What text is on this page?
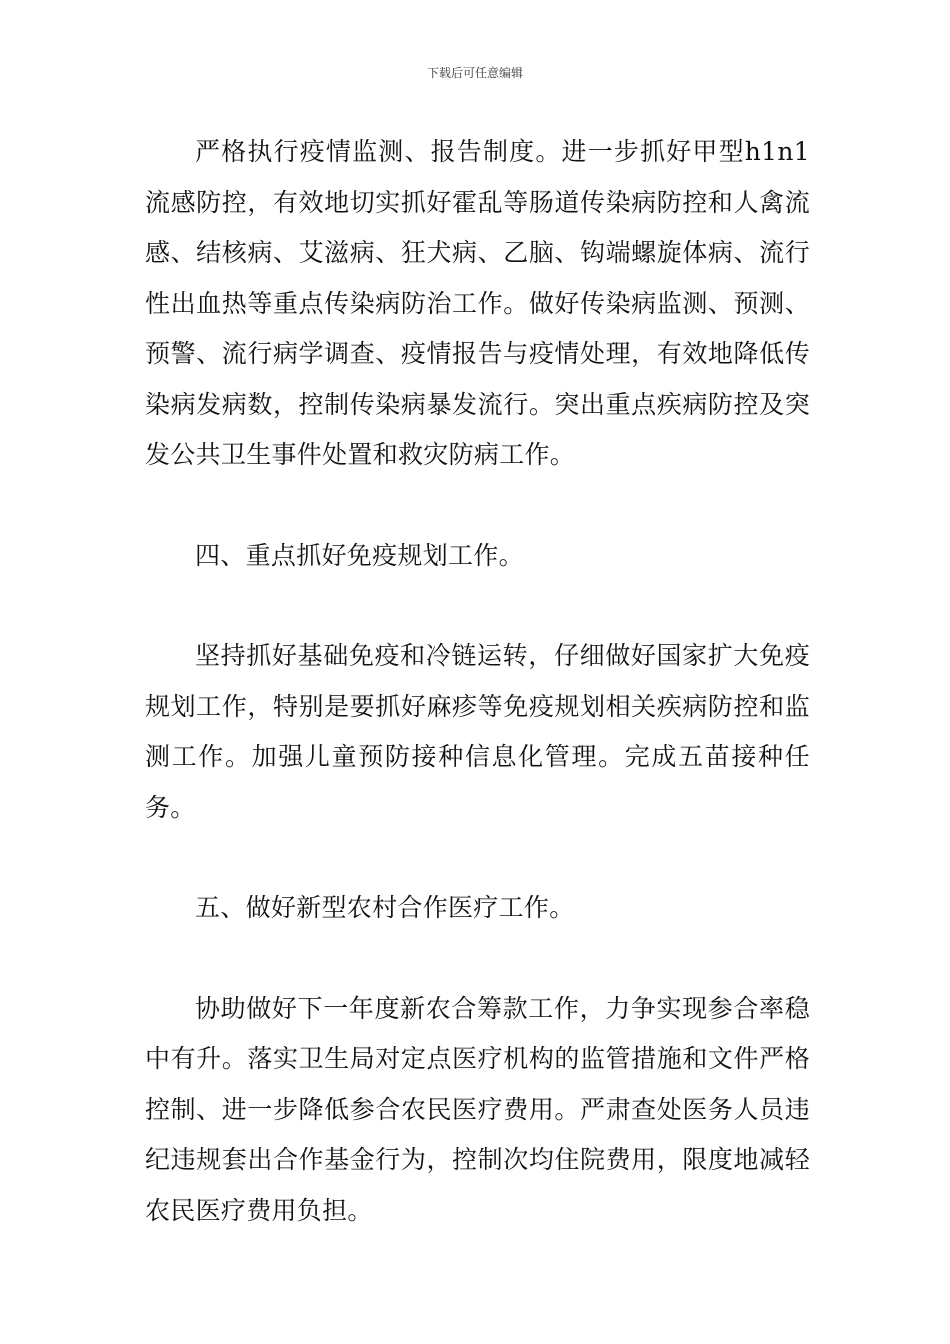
下载后可任意编辑

严格执行疫情监测、报告制度。进一步抓好甲型h1n1流感防控，有效地切实抓好霍乱等肠道传染病防控和人禽流感、结核病、艾滋病、狂犬病、乙脑、钩端螺旋体病、流行性出血热等重点传染病防治工作。做好传染病监测、预测、预警、流行病学调查、疫情报告与疫情处理，有效地降低传染病发病数，控制传染病暴发流行。突出重点疾病防控及突发公共卫生事件处置和救灾防病工作。

四、重点抓好免疫规划工作。

坚持抓好基础免疫和冷链运转，仔细做好国家扩大免疫规划工作，特别是要抓好麻疹等免疫规划相关疾病防控和监测工作。加强儿童预防接种信息化管理。完成五苗接种任务。

五、做好新型农村合作医疗工作。

协助做好下一年度新农合筹款工作，力争实现参合率稳中有升。落实卫生局对定点医疗机构的监管措施和文件严格控制、进一步降低参合农民医疗费用。严肃查处医务人员违纪违规套出合作基金行为，控制次均住院费用，限度地减轻农民医疗费用负担。
